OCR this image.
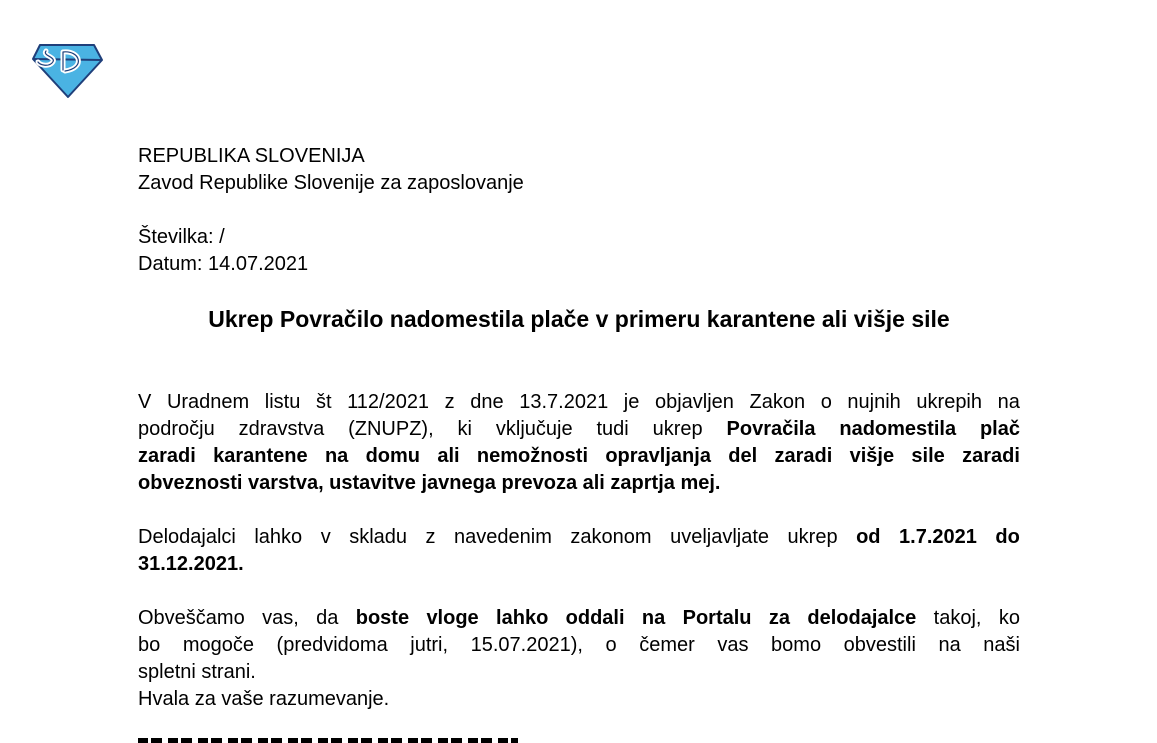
REPUBLIKA SLOVENIJA
Zavod Republike Slovenije za zaposlovanje
Številka: /
Datum: 14.07.2021
Ukrep Povračilo nadomestila plače v primeru karantene ali višje sile
V Uradnem listu št 112/2021 z dne 13.7.2021 je objavljen Zakon o nujnih ukrepih na
področju zdravstva (ZNUPZ), ki vključuje tudi ukrep Povračila nadomestila plač
zaradi karantene na domu ali nemožnosti opravljanja del zaradi višje sile zaradi
obveznosti varstva, ustavitve javnega prevoza ali zaprtja mej.
Delodajalci lahko v skladu z navedenim zakonom uveljavljate ukrep od 1.7.2021 do
31.12.2021.
Obveščamo vas, da boste vloge lahko oddali na Portalu za delodajalce takoj, ko
bo mogoče (predvidoma jutri, 15.07.2021), o čemer vas bomo obvestili na naši
spletni strani.
Hvala za vaše razumevanje.
